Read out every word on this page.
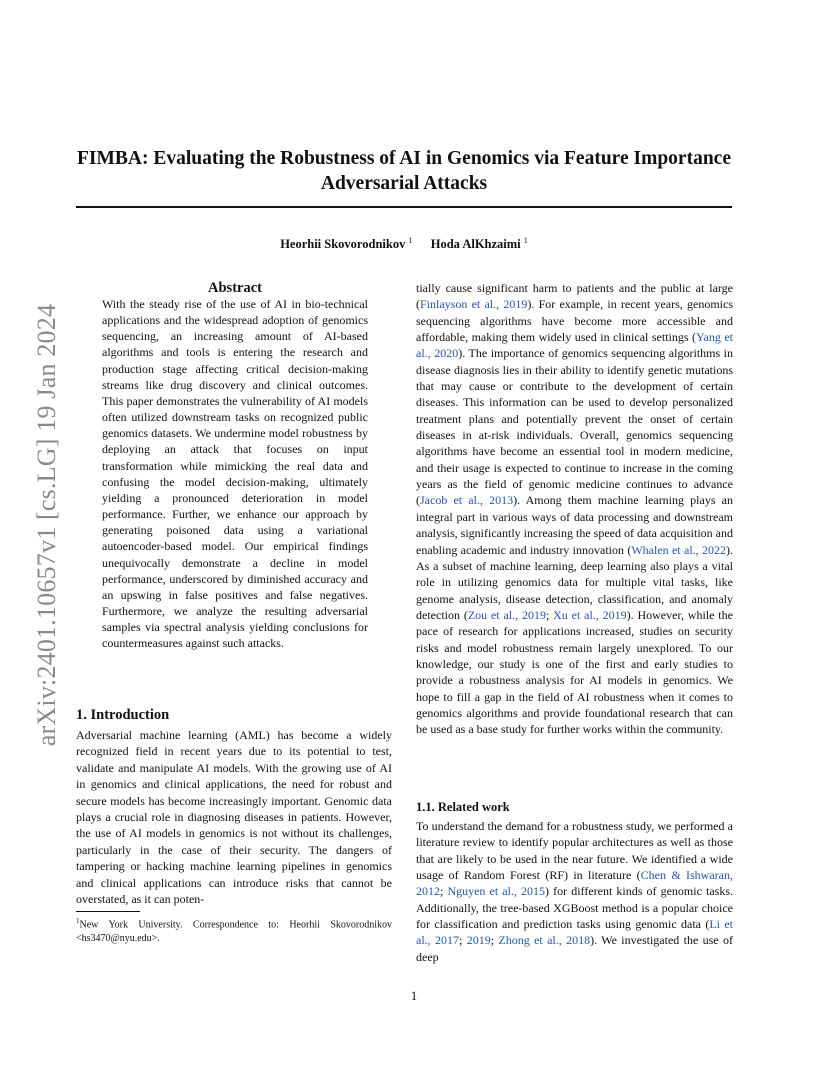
arXiv:2401.10657v1 [cs.LG] 19 Jan 2024
FIMBA: Evaluating the Robustness of AI in Genomics via Feature Importance Adversarial Attacks
Heorhii Skovorodnikov $^1$ Hoda AlKhzaimi $^1$
Abstract

With the steady rise of the use of AI in bio-technical applications and the widespread adoption of genomics sequencing, an increasing amount of AI-based algorithms and tools is entering the research and production stage affecting critical decision-making streams like drug discovery and clinical outcomes. This paper demonstrates the vulnerability of AI models often utilized downstream tasks on recognized public genomics datasets. We undermine model robustness by deploying an attack that focuses on input transformation while mimicking the real data and confusing the model decision-making, ultimately yielding a pronounced deterioration in model performance. Further, we enhance our approach by generating poisoned data using a variational autoencoder-based model. Our empirical findings unequivocally demonstrate a decline in model performance, underscored by diminished accuracy and an upswing in false positives and false negatives. Furthermore, we analyze the resulting adversarial samples via spectral analysis yielding conclusions for countermeasures against such attacks.

1. Introduction

Adversarial machine learning (AML) has become a widely recognized field in recent years due to its potential to test, validate and manipulate AI models. With the growing use of AI in genomics and clinical applications, the need for robust and secure models has become increasingly important. Genomic data plays a crucial role in diagnosing diseases in patients. However, the use of AI models in genomics is not without its challenges, particularly in the case of their security. The dangers of tampering or hacking machine learning pipelines in genomics and clinical applications can introduce risks that cannot be overstated, as it can poten-

$^1$New York University. Correspondence to: Heorhii Skovorodnikov <hs3470@nyu.edu>.

tially cause significant harm to patients and the public at large (Finlayson et al., 2019). For example, in recent years, genomics sequencing algorithms have become more accessible and affordable, making them widely used in clinical settings (Yang et al., 2020). The importance of genomics sequencing algorithms in disease diagnosis lies in their ability to identify genetic mutations that may cause or contribute to the development of certain diseases. This information can be used to develop personalized treatment plans and potentially prevent the onset of certain diseases in at-risk individuals. Overall, genomics sequencing algorithms have become an essential tool in modern medicine, and their usage is expected to continue to increase in the coming years as the field of genomic medicine continues to advance (Jacob et al., 2013). Among them machine learning plays an integral part in various ways of data processing and downstream analysis, significantly increasing the speed of data acquisition and enabling academic and industry innovation (Whalen et al., 2022). As a subset of machine learning, deep learning also plays a vital role in utilizing genomics data for multiple vital tasks, like genome analysis, disease detection, classification, and anomaly detection (Zou et al., 2019; Xu et al., 2019). However, while the pace of research for applications increased, studies on security risks and model robustness remain largely unexplored. To our knowledge, our study is one of the first and early studies to provide a robustness analysis for AI models in genomics. We hope to fill a gap in the field of AI robustness when it comes to genomics algorithms and provide foundational research that can be used as a base study for further works within the community.

1.1. Related work

To understand the demand for a robustness study, we performed a literature review to identify popular architectures as well as those that are likely to be used in the near future. We identified a wide usage of Random Forest (RF) in literature (Chen & Ishwaran, 2012; Nguyen et al., 2015) for different kinds of genomic tasks. Additionally, the tree-based XGBoost method is a popular choice for classification and prediction tasks using genomic data (Li et al., 2017; 2019; Zhong et al., 2018). We investigated the use of deep

1
